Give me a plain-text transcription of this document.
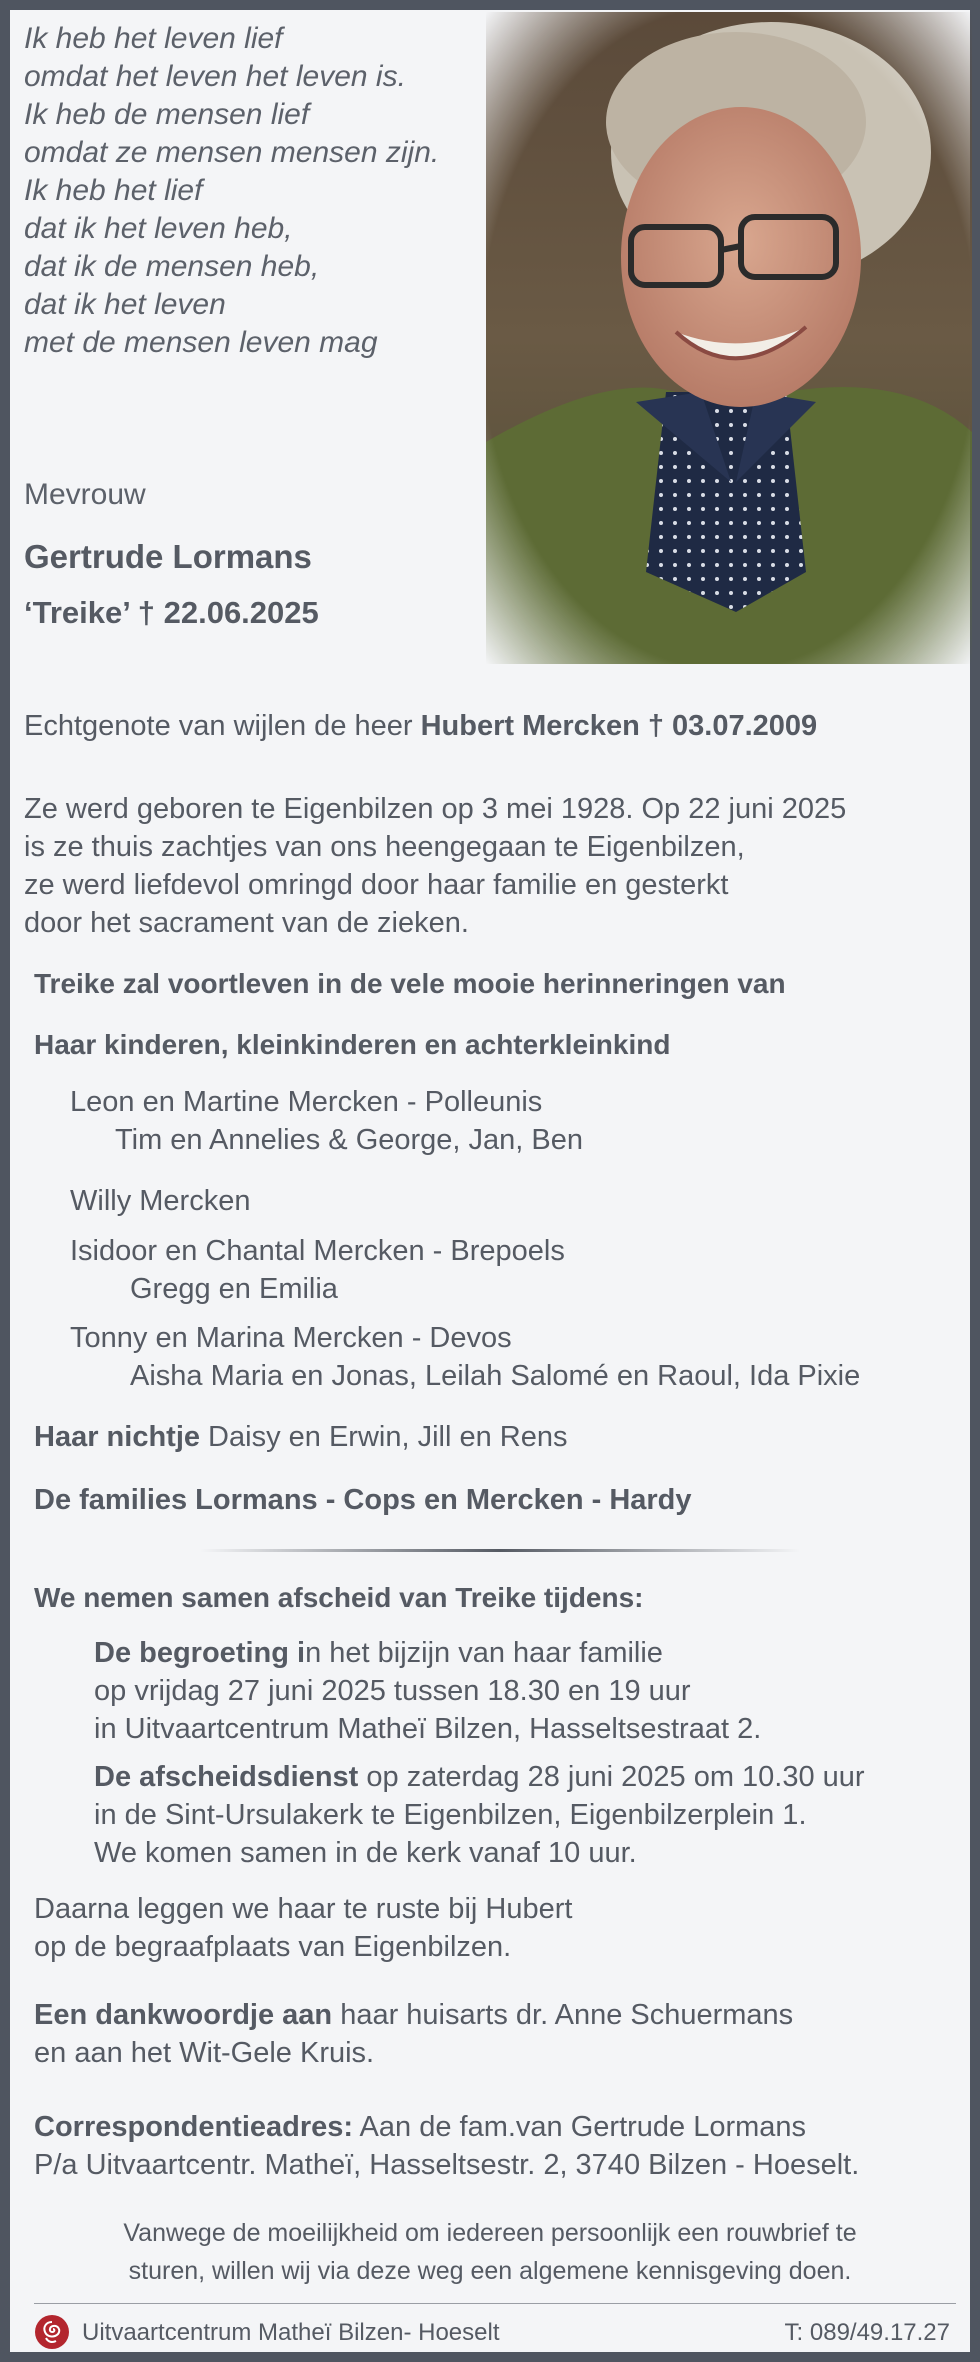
Ik heb het leven lief
omdat het leven het leven is.
Ik heb de mensen lief
omdat ze mensen mensen zijn.
Ik heb het lief
dat ik het leven heb,
dat ik de mensen heb,
dat ik het leven
met de mensen leven mag
Mevrouw
Gertrude Lormans
‘Treike’ † 22.06.2025
Echtgenote van wijlen de heer Hubert Mercken † 03.07.2009
Ze werd geboren te Eigenbilzen op 3 mei 1928. Op 22 juni 2025
is ze thuis zachtjes van ons heengegaan te Eigenbilzen,
ze werd liefdevol omringd door haar familie en gesterkt
door het sacrament van de zieken.
Treike zal voortleven in de vele mooie herinneringen van
Haar kinderen, kleinkinderen en achterkleinkind
Leon en Martine Mercken - Polleunis
Tim en Annelies & George, Jan, Ben
Willy Mercken
Isidoor en Chantal Mercken - Brepoels
Gregg en Emilia
Tonny en Marina Mercken - Devos
Aisha Maria en Jonas, Leilah Salomé en Raoul, Ida Pixie
Haar nichtje Daisy en Erwin, Jill en Rens
De families Lormans - Cops en Mercken - Hardy
We nemen samen afscheid van Treike tijdens:
De begroeting in het bijzijn van haar familie
op vrijdag 27 juni 2025 tussen 18.30 en 19 uur
in Uitvaartcentrum Matheï Bilzen, Hasseltsestraat 2.
De afscheidsdienst op zaterdag 28 juni 2025 om 10.30 uur
in de Sint-Ursulakerk te Eigenbilzen, Eigenbilzerplein 1.
We komen samen in de kerk vanaf 10 uur.
Daarna leggen we haar te ruste bij Hubert
op de begraafplaats van Eigenbilzen.
Een dankwoordje aan haar huisarts dr. Anne Schuermans
en aan het Wit-Gele Kruis.
Correspondentieadres: Aan de fam.van Gertrude Lormans
P/a Uitvaartcentr. Matheï, Hasseltsestr. 2, 3740 Bilzen - Hoeselt.
Vanwege de moeilijkheid om iedereen persoonlijk een rouwbrief te
sturen, willen wij via deze weg een algemene kennisgeving doen.
Uitvaartcentrum Matheï Bilzen- Hoeselt	T: 089/49.17.27
